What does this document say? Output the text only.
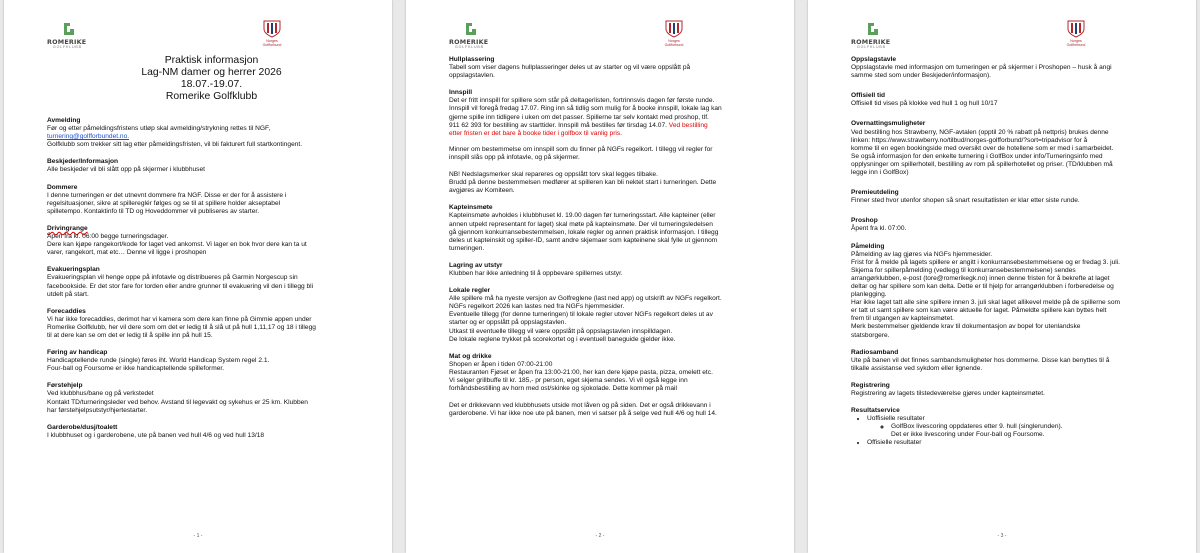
ROMERIKE
GOLFKLUBB
Norges
Golfforbund
Praktisk informasjon
Lag-NM damer og herrer 2026
18.07.-19.07.
Romerike Golfklubb
Avmelding
Før og etter påmeldingsfristens utløp skal avmelding/strykning rettes til NGF,
turnering@golfforbundet.no.
Golfklubb som trekker sitt lag etter påmeldingsfristen, vil bli fakturert full startkontingent.
Beskjeder/Informasjon
Alle beskjeder vil bli slått opp på skjermer i klubbhuset
Dommere
I denne turneringen er det utnevnt dommere fra NGF. Disse er der for å assistere i
regelsituasjoner, sikre at spillereglér følges og se til at spillere holder akseptabel
spilletempo. Kontaktinfo til TD og Hoveddommer vil publiseres av starter.
Drivingrange
Åpen fra kl. 06:00 begge turneringsdager.
Dere kan kjøpe rangekort/kode for laget ved ankomst. Vi lager en bok hvor dere kan ta ut
varer, rangekort, mat etc… Denne vil ligge i proshopen
Evakueringsplan
Evakueringsplan vil henge oppe på infotavle og distribueres på Garmin Norgescup sin
facebookside. Er det stor fare for torden eller andre grunner til evakuering vil den i tillegg bli
utdelt på start.
Forecaddies
Vi har ikke forecaddies, derimot har vi kamera som dere kan finne på Gimmie appen under
Romerike Golfklubb, her vil dere som om det er ledig til å slå ut på hull 1,11,17 og 18 i tillegg
til at dere kan se om det er ledig til å spille inn på hull 15.
Føring av handicap
Handicaptellende runde (single) føres iht. World Handicap System regel 2.1.
Four-ball og Foursome er ikke handicaptellende spilleformer.
Førstehjelp
Ved klubbhus/bane og på verkstedet
Kontakt TD/turneringsleder ved behov. Avstand til legevakt og sykehus er 25 km. Klubben
har førstehjelpsutstyr/hjertestarter.
Garderobe/dusj/toalett
I klubbhuset og i garderobene, ute på banen ved hull 4/6 og ved hull 13/18
- 1 -
ROMERIKE
GOLFKLUBB
Norges
Golfforbund
Hullplassering
Tabell som viser dagens hullplasseringer deles ut av starter og vil være oppslått på
oppslagstavlen.
Innspill
Det er fritt innspill for spillere som står på deltagerlisten, fortrinnsvis dagen før første runde.
Innspill vil foregå fredag 17.07. Ring inn så tidlig som mulig for å booke innspill, lokale lag kan
gjerne spille inn tidligere i uken om det passer. Spillerne tar selv kontakt med proshop, tlf.
911 62 393 for bestilling av starttider. Innspill må bestilles før tirsdag 14.07. Ved bestilling
etter fristen er det bare å booke tider i golfbox til vanlig pris.
Minner om bestemmelse om innspill som du finner på NGFs regelkort. I tillegg vil regler for
innspill slås opp på infotavle, og på skjermer.
NB! Nedslagsmerker skal repareres og oppslått torv skal legges tilbake.
Brudd på denne bestemmelsen medfører at spilleren kan bli nektet start i turneringen. Dette
avgjøres av Komiteen.
Kapteinsmøte
Kapteinsmøte avholdes i klubbhuset kl. 19.00 dagen før turneringsstart. Alle kapteiner (eller
annen utpekt representant for laget) skal møte på kapteinsmøte. Der vil turneringsledelsen
gå gjennom konkurransebestemmelsen, lokale regler og annen praktisk informasjon. I tillegg
deles ut kapteinskit og spiller-ID, samt andre skjemaer som kapteinene skal fylle ut gjennom
turneringen.
Lagring av utstyr
Klubben har ikke anledning til å oppbevare spillernes utstyr.
Lokale regler
Alle spillere må ha nyeste versjon av Golfreglene (last ned app) og utskrift av NGFs regelkort.
NGFs regelkort 2026 kan lastes ned fra NGFs hjemmesider.
Eventuelle tillegg (for denne turneringen) til lokale regler utover NGFs regelkort deles ut av
starter og er oppslått på oppslagstavlen.
Utkast til eventuelle tillegg vil være oppslått på oppslagstavlen innspilldagen.
De lokale reglene trykket på scorekortet og i eventuell baneguide gjelder ikke.
Mat og drikke
Shopen er åpen i tiden 07:00-21:00
Restauranten Fjøset er åpen fra 13:00-21:00, her kan dere kjøpe pasta, pizza, omelett etc.
Vi selger grillbuffe til kr. 185,- pr person, eget skjema sendes. Vi vil også legge inn
forhåndsbestilling av horn med ost/skinke og sjokolade. Dette kommer på mail
Det er drikkevann ved klubbhusets utside mot låven og på siden. Det er også drikkevann i
garderobene. Vi har ikke noe ute på banen, men vi satser på å selge ved hull 4/6 og hull 14.
- 2 -
ROMERIKE
GOLFKLUBB
Norges
Golfforbund
Oppslagstavle
Oppslagstavle med informasjon om turneringen er på skjermer i Proshopen – husk å angi
samme sted som under Beskjeder/informasjon).
Offisiell tid
Offisiell tid vises på klokke ved hull 1 og hull 10/17
Overnattingsmuligheter
Ved bestilling hos Strawberry, NGF-avtalen (opptil 20 % rabatt på nettpris) brukes denne
linken: https://www.strawberry.no/tilbud/norges-golfforbund/?sort=tripadvisor for å
komme til en egen bookingside med oversikt over de hotellene som er med i samarbeidet.
Se også informasjon for den enkelte turnering i GolfBox under info/Turneringsinfo med
opplysninger om spillerhotell, bestilling av rom på spillerhotellet og priser. (TD/klubben må
legge inn i GolfBox)
Premieutdeling
Finner sted hvor utenfor shopen så snart resultatlisten er klar etter siste runde.
Proshop
Åpent fra kl. 07:00.
Påmelding
Påmelding av lag gjøres via NGFs hjemmesider.
Frist for å melde på lagets spillere er angitt i konkurransebestemmelsene og er fredag 3. juli.
Skjema for spillerpåmelding (vedlegg til konkurransebestemmelsene) sendes
arrangørklubben, e-post (tore@romerikegk.no) innen denne fristen for å bekrefte at laget
deltar og har spillere som kan delta. Dette er til hjelp for arrangørklubben i forberedelse og
planlegging.
Har ikke laget tatt alle sine spillere innen 3. juli skal laget allikevel melde på de spillerne som
er tatt ut samt spillere som kan være aktuelle for laget. Påmeldte spillere kan byttes helt
frem til utgangen av kapteinsmøtet.
Merk bestemmelser gjeldende krav til dokumentasjon av bopel for utenlandske
statsborgere.
Radiosamband
Ute på banen vil det finnes sambandsmuligheter hos dommerne. Disse kan benyttes til å
tilkalle assistanse ved sykdom eller lignende.
Registrering
Registrering av lagets tilstedeværelse gjøres under kapteinsmøtet.
Resultatservice
• Uoffisielle resultater
◦ GolfBox livescoring oppdateres etter 9. hull (singlerunden).
Det er ikke livescoring under Four-ball og Foursome.
• Offisielle resultater
- 3 -
